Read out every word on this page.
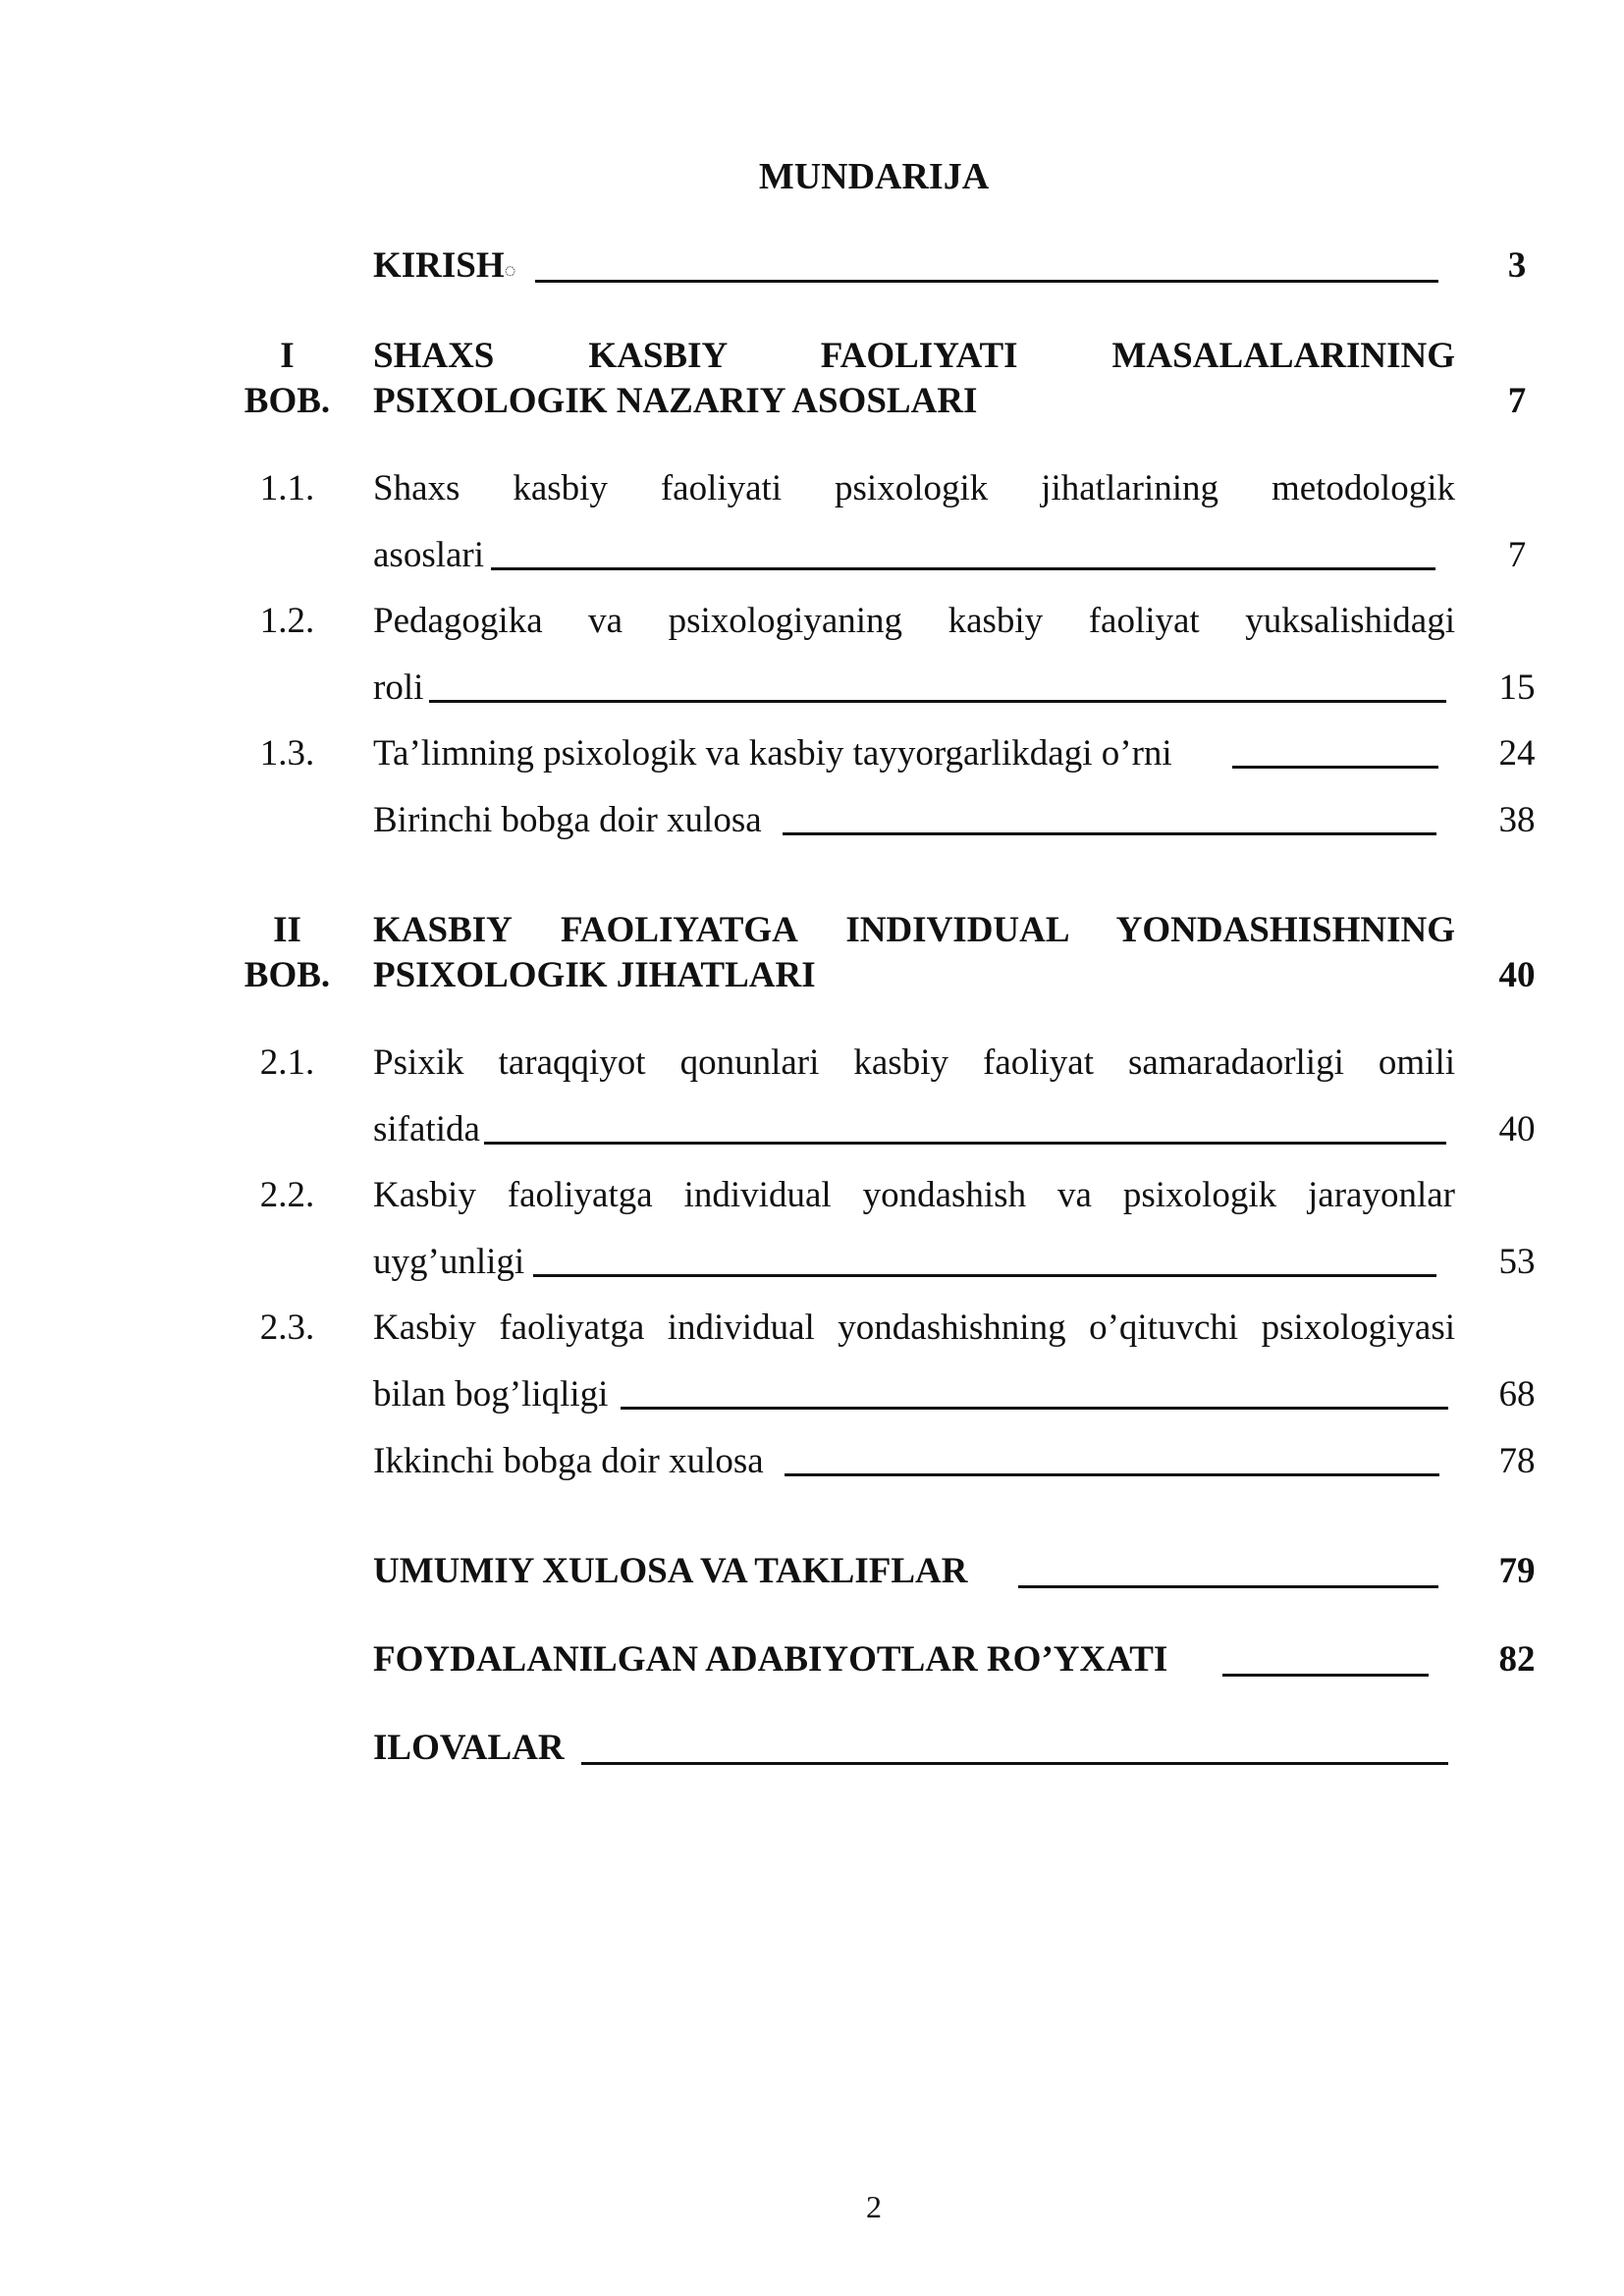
MUNDARIJA
KIRISH◌	3
I
BOB.
SHAXS KASBIY FAOLIYATI MASALALARINING
PSIXOLOGIK NAZARIY ASOSLARI	7
1.1.	Shaxs kasbiy faoliyati psixologik jihatlarining metodologik
asoslari	7
1.2.	Pedagogika va psixologiyaning kasbiy faoliyat yuksalishidagi
roli	15
1.3.	Ta’limning psixologik va kasbiy tayyorgarlikdagi o’rni	24
Birinchi bobga doir xulosa	38
II
BOB.
KASBIY FAOLIYATGA INDIVIDUAL YONDASHISHNING
PSIXOLOGIK JIHATLARI	40
2.1.	Psixik taraqqiyot qonunlari kasbiy faoliyat samaradaorligi omili
sifatida	40
2.2.	Kasbiy faoliyatga individual yondashish va psixologik jarayonlar
uyg’unligi	53
2.3.	Kasbiy faoliyatga individual yondashishning o’qituvchi psixologiyasi
bilan bog’liqligi	68
Ikkinchi bobga doir xulosa	78
UMUMIY XULOSA VA TAKLIFLAR	79
FOYDALANILGAN ADABIYOTLAR RO’YXATI	82
ILOVALAR
2
